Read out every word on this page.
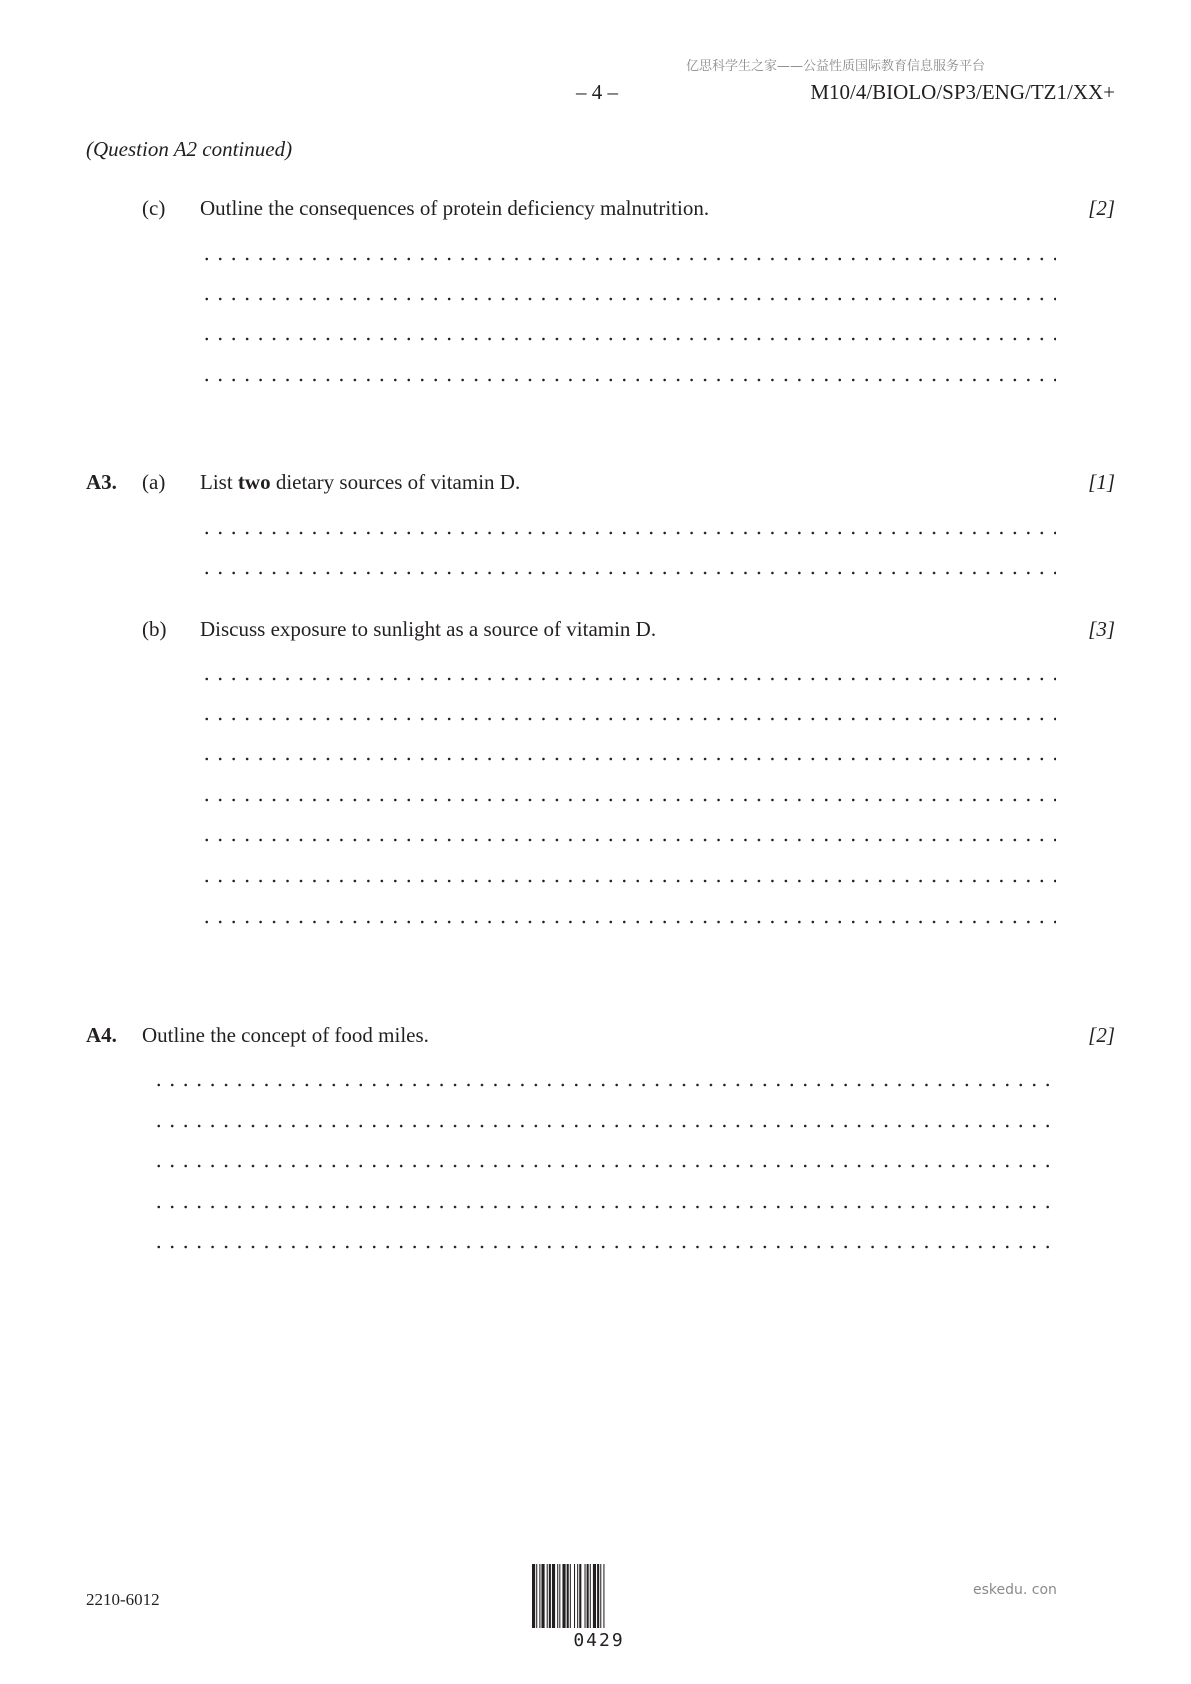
亿思科学生之家——公益性质国际教育信息服务平台
– 4 –	M10/4/BIOLO/SP3/ENG/TZ1/XX+
(Question A2 continued)
(c) Outline the consequences of protein deficiency malnutrition.	[2]
A3. (a) List two dietary sources of vitamin D.	[1]
(b) Discuss exposure to sunlight as a source of vitamin D.	[3]
A4. Outline the concept of food miles.	[2]
2210-6012
0429
eskedu. con
